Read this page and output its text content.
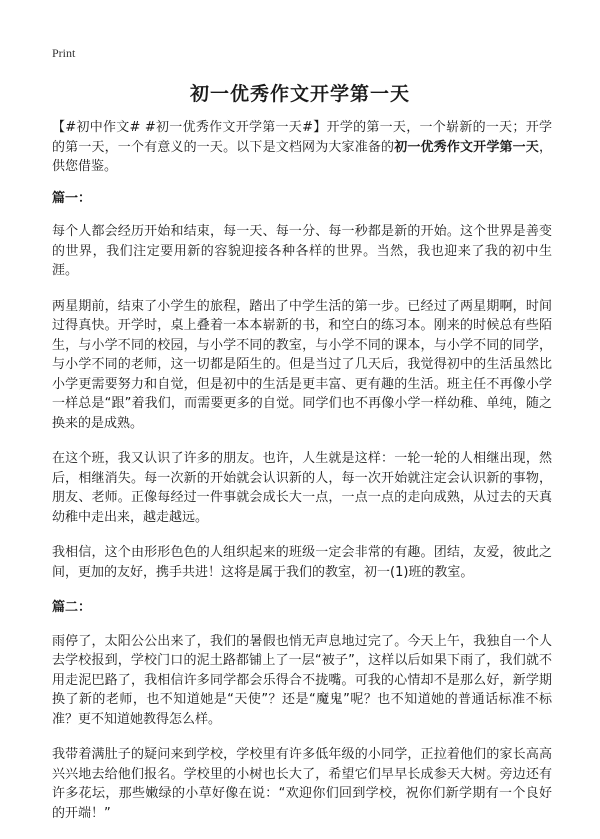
Print
初一优秀作文开学第一天

【#初中作文# #初一优秀作文开学第一天#】开学的第一天，一个崭新的一天；开学的第一天，一个有意义的一天。以下是文档网为大家准备的初一优秀作文开学第一天，供您借鉴。

篇一：

每个人都会经历开始和结束，每一天、每一分、每一秒都是新的开始。这个世界是善变的世界，我们注定要用新的容貌迎接各种各样的世界。当然，我也迎来了我的初中生涯。

两星期前，结束了小学生的旅程，踏出了中学生活的第一步。已经过了两星期啊，时间过得真快。开学时，桌上叠着一本本崭新的书，和空白的练习本。刚来的时候总有些陌生，与小学不同的校园，与小学不同的教室，与小学不同的课本，与小学不同的同学，与小学不同的老师，这一切都是陌生的。但是当过了几天后，我觉得初中的生活虽然比小学更需要努力和自觉，但是初中的生活是更丰富、更有趣的生活。班主任不再像小学一样总是“跟”着我们，而需要更多的自觉。同学们也不再像小学一样幼稚、单纯，随之换来的是成熟。

在这个班，我又认识了许多的朋友。也许，人生就是这样：一轮一轮的人相继出现，然后，相继消失。每一次新的开始就会认识新的人，每一次开始就注定会认识新的事物，朋友、老师。正像每经过一件事就会成长大一点，一点一点的走向成熟，从过去的天真幼稚中走出来，越走越远。

我相信，这个由形形色色的人组织起来的班级一定会非常的有趣。团结，友爱，彼此之间，更加的友好，携手共进！这将是属于我们的教室，初一(1)班的教室。

篇二：

雨停了，太阳公公出来了，我们的暑假也悄无声息地过完了。今天上午，我独自一个人去学校报到，学校门口的泥土路都铺上了一层“被子”，这样以后如果下雨了，我们就不用走泥巴路了，我相信许多同学都会乐得合不拢嘴。可我的心情却不是那么好，新学期换了新的老师，也不知道她是“天使”？还是“魔鬼”呢？也不知道她的普通话标准不标准？更不知道她教得怎么样。

我带着满肚子的疑问来到学校，学校里有许多低年级的小同学，正拉着他们的家长高高兴兴地去给他们报名。学校里的小树也长大了，希望它们早早长成参天大树。旁边还有许多花坛，那些嫩绿的小草好像在说：“欢迎你们回到学校，祝你们新学期有一个良好的开端！”
